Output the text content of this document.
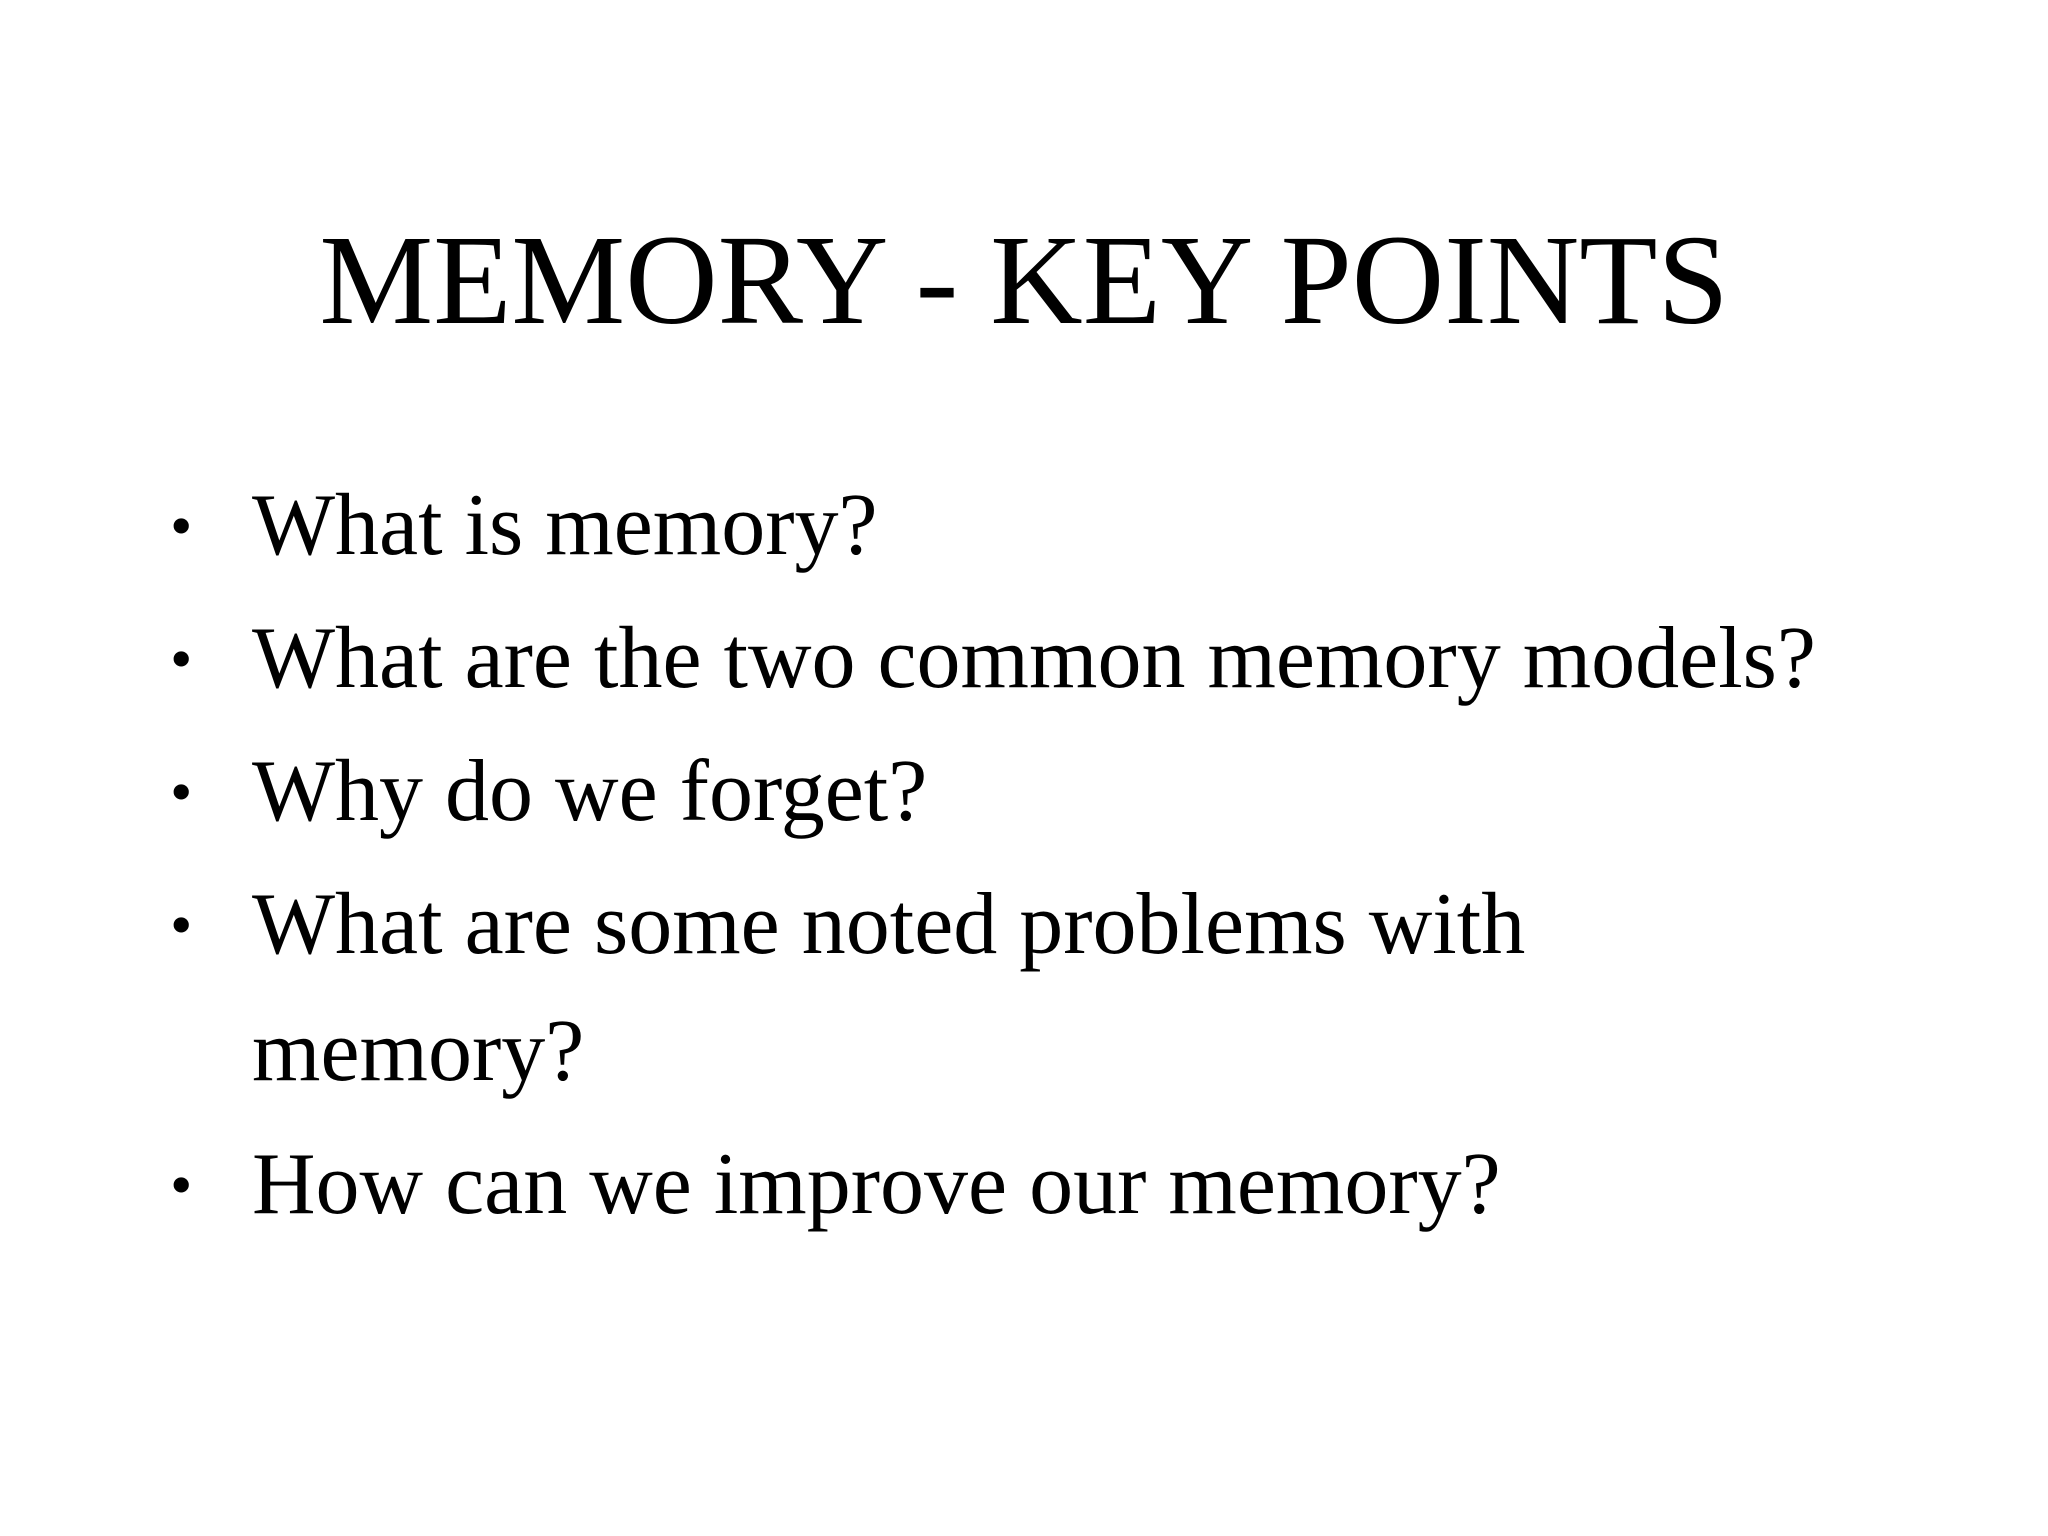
MEMORY - KEY POINTS
• What is memory?
• What are the two common memory models?
• Why do we forget?
• What are some noted problems with memory?
• How can we improve our memory?
